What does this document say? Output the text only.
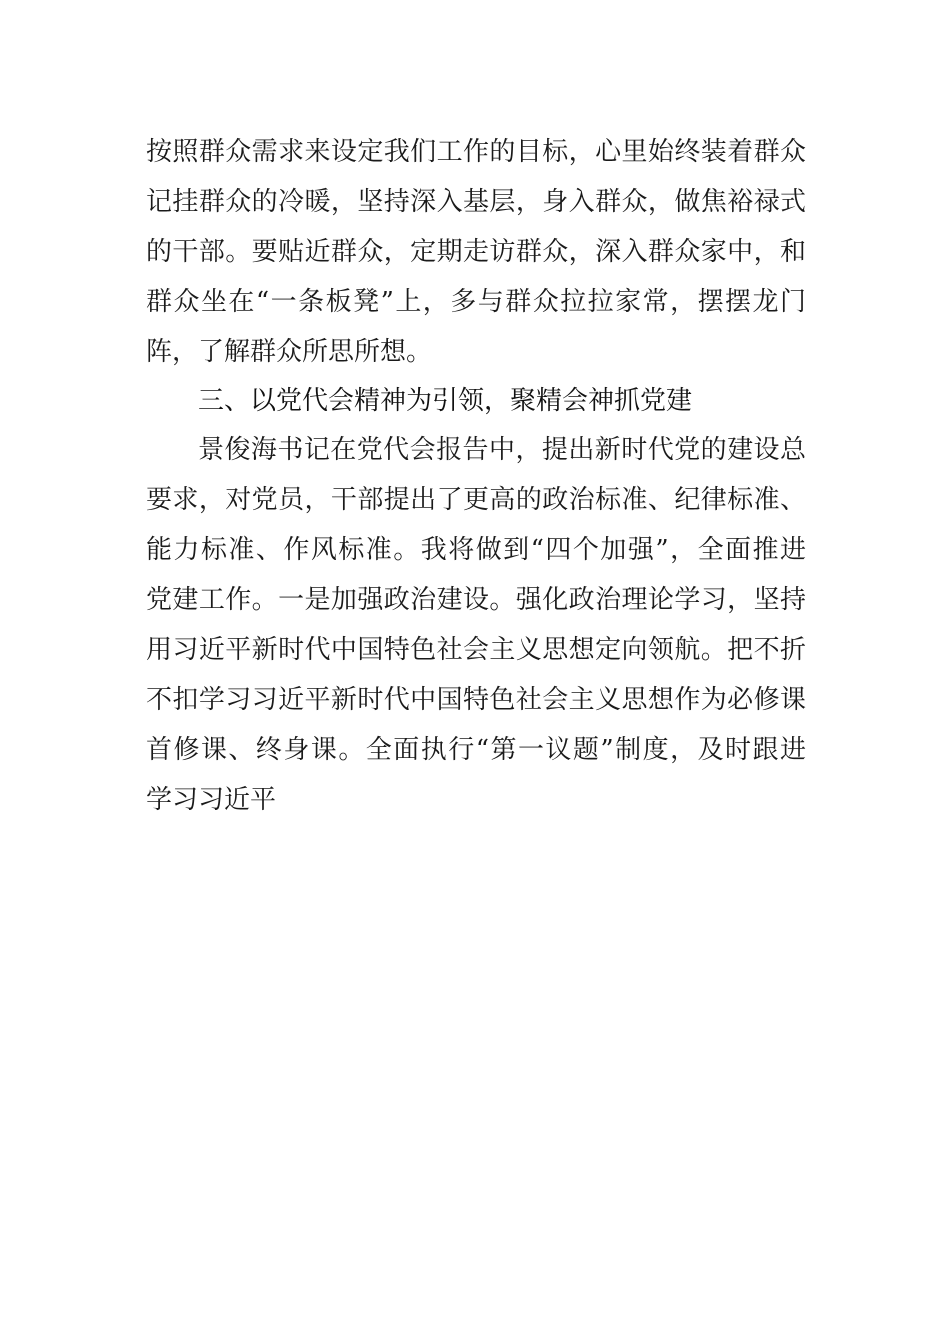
按照群众需求来设定我们工作的目标，心里始终装着群众
记挂群众的冷暖，坚持深入基层，身入群众，做焦裕禄式
的干部。要贴近群众，定期走访群众，深入群众家中，和
群众坐在“一条板凳”上，多与群众拉拉家常，摆摆龙门
阵，了解群众所思所想。
三、以党代会精神为引领，聚精会神抓党建
景俊海书记在党代会报告中，提出新时代党的建设总
要求，对党员，干部提出了更高的政治标准、纪律标准、
能力标准、作风标准。我将做到“四个加强”，全面推进
党建工作。一是加强政治建设。强化政治理论学习，坚持
用习近平新时代中国特色社会主义思想定向领航。把不折
不扣学习习近平新时代中国特色社会主义思想作为必修课
首修课、终身课。全面执行“第一议题”制度，及时跟进
学习习近平
